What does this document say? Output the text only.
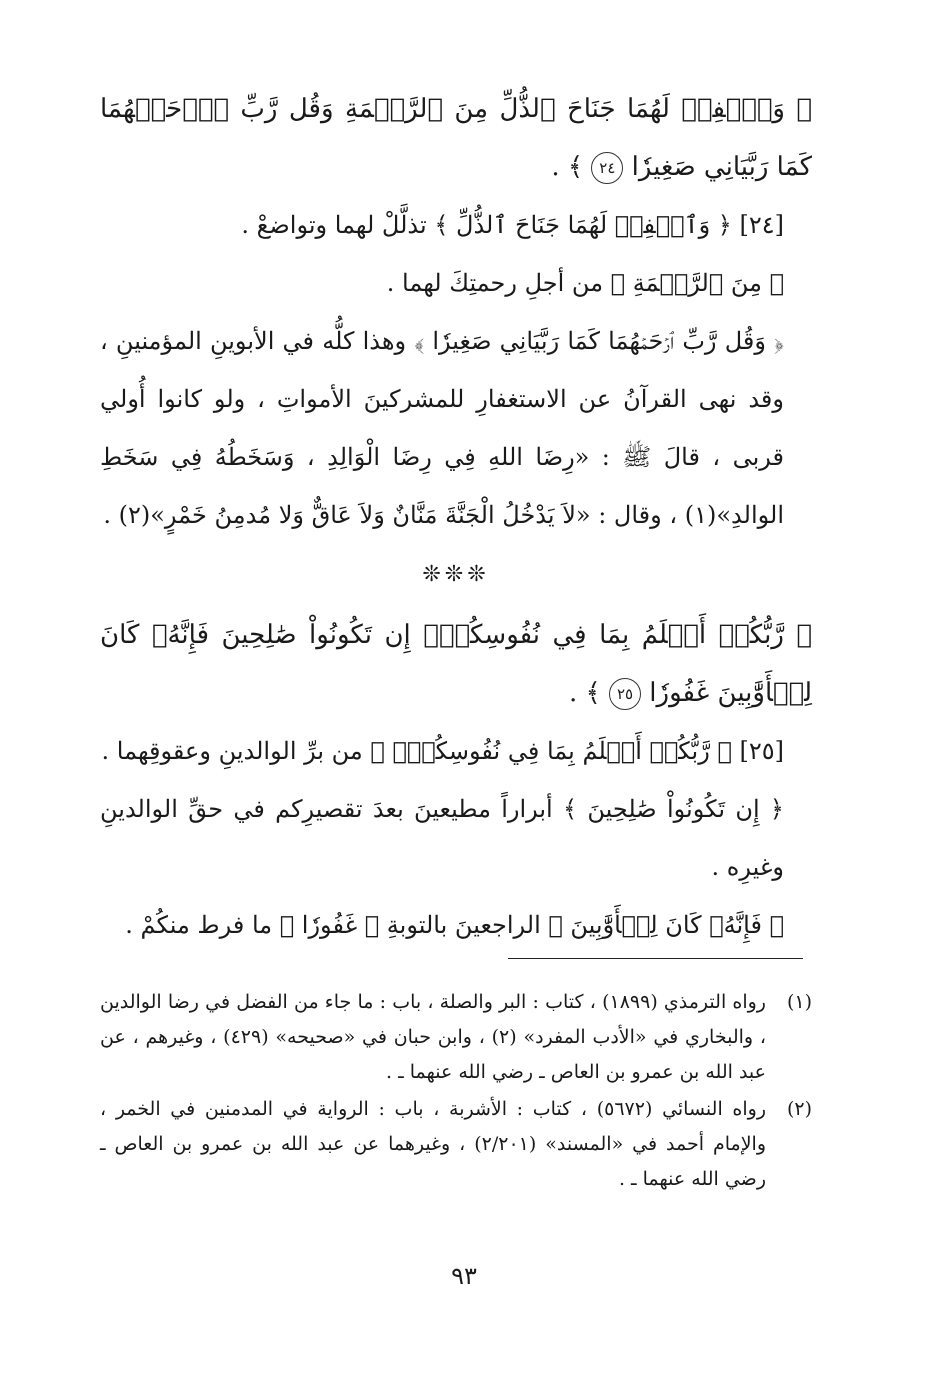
﴿ وَٱخۡفِضۡ لَهُمَا جَنَاحَ ٱلذُّلِّ مِنَ ٱلرَّحۡمَةِ وَقُل رَّبِّ ٱرۡحَمۡهُمَا كَمَا رَبَّيَانِي صَغِيرٗا ٢٤ ﴾ .

[٢٤] ﴿ وَٱخۡفِضۡ لَهُمَا جَنَاحَ ٱلذُّلِّ ﴾ تذلَّلْ لهما وتواضعْ .

﴿ مِنَ ٱلرَّحۡمَةِ ﴾ من أجلِ رحمتِكَ لهما .

﴿ وَقُل رَّبِّ ٱرۡحَمۡهُمَا كَمَا رَبَّيَانِي صَغِيرٗا ﴾ وهذا كلُّه في الأبوينِ المؤمنينِ ، وقد نهى القرآنُ عن الاستغفارِ للمشركينَ الأمواتِ ، ولو كانوا أُولي قربى ، قالَ ﷺ : «رِضَا اللهِ فِي رِضَا الْوَالِدِ ، وَسَخَطُهُ فِي سَخَطِ الوالدِ»(١) ، وقال : «لاَ يَدْخُلُ الْجَنَّةَ مَنَّانٌ وَلاَ عَاقٌّ وَلا مُدمِنُ خَمْرٍ»(٢) .

❊❊❊

﴿ رَّبُّكُمۡ أَعۡلَمُ بِمَا فِي نُفُوسِكُمۡۚ إِن تَكُونُواْ صَٰلِحِينَ فَإِنَّهُۥ كَانَ لِلۡأَوَّٰبِينَ غَفُورٗا ٢٥ ﴾ .

[٢٥] ﴿ رَّبُّكُمۡ أَعۡلَمُ بِمَا فِي نُفُوسِكُمۡۚ ﴾ من برِّ الوالدينِ وعقوقِهما .

﴿ إِن تَكُونُواْ صَٰلِحِينَ ﴾ أبراراً مطيعينَ بعدَ تقصيرِكم في حقِّ الوالدينِ وغيرِه .

﴿ فَإِنَّهُۥ كَانَ لِلۡأَوَّٰبِينَ ﴾ الراجعينَ بالتوبةِ ﴿ غَفُورٗا ﴾ ما فرط منكُمْ .

(١)
رواه الترمذي (١٨٩٩) ، كتاب : البر والصلة ، باب : ما جاء من الفضل في رضا الوالدين ، والبخاري في «الأدب المفرد» (٢) ، وابن حبان في «صحيحه» (٤٢٩) ، وغيرهم ، عن عبد الله بن عمرو بن العاص ـ رضي الله عنهما ـ .
(٢)
رواه النسائي (٥٦٧٢) ، كتاب : الأشربة ، باب : الرواية في المدمنين في الخمر ، والإمام أحمد في «المسند» (٢/٢٠١) ، وغيرهما عن عبد الله بن عمرو بن العاص ـ رضي الله عنهما ـ .
٩٣
